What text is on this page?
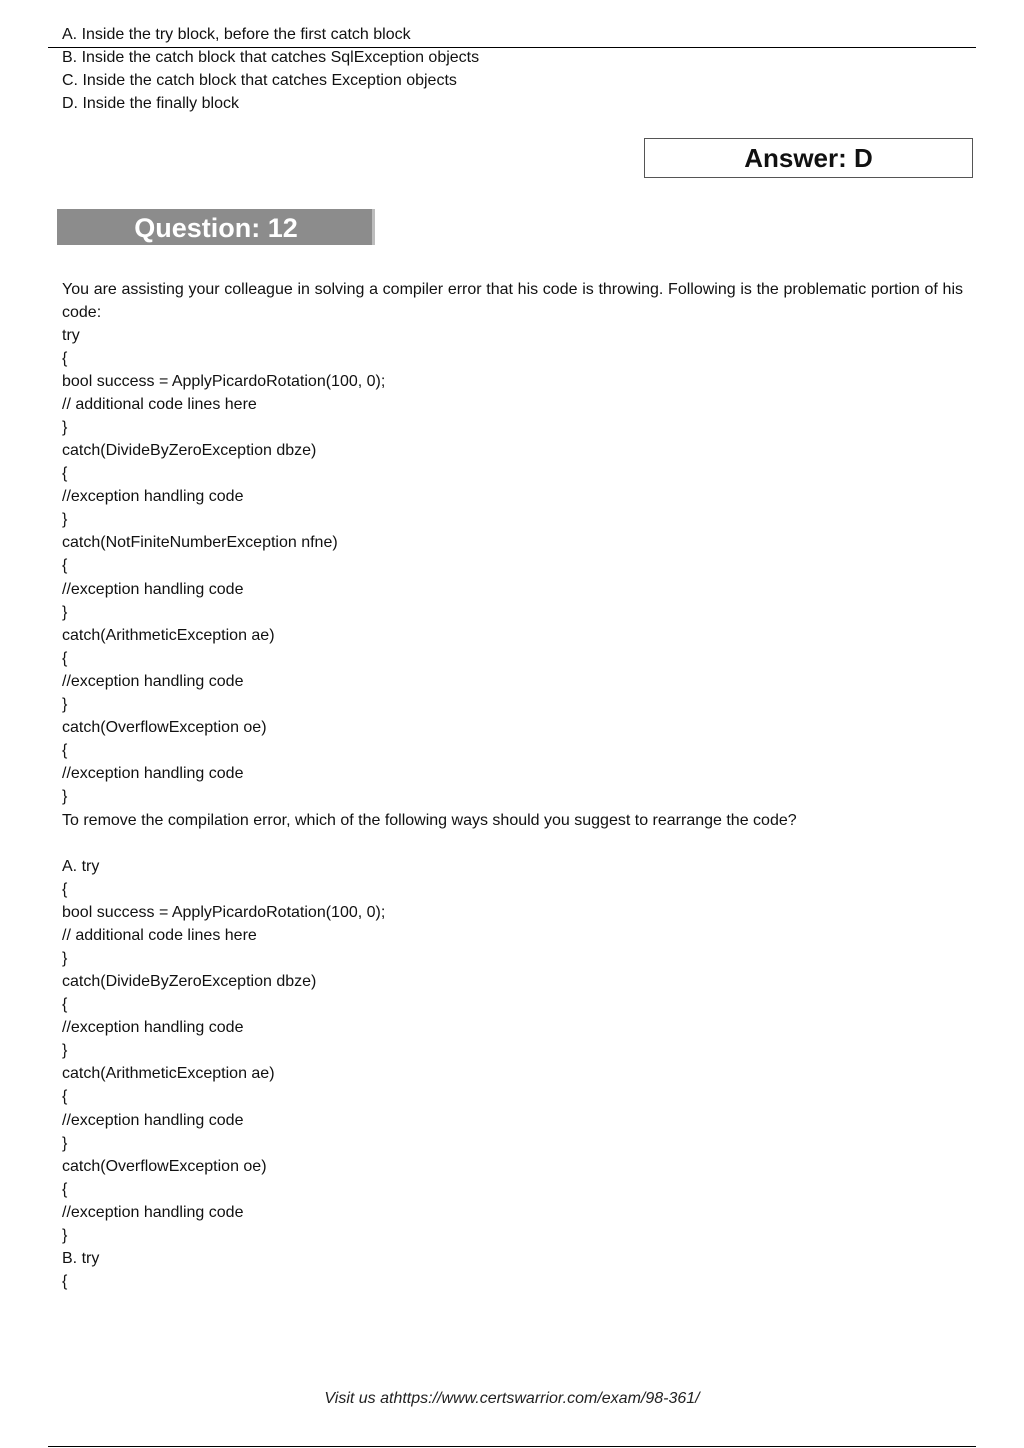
A. Inside the try block, before the first catch block
B. Inside the catch block that catches SqlException objects
C. Inside the catch block that catches Exception objects
D. Inside the finally block
Answer: D
Question: 12

You are assisting your colleague in solving a compiler error that his code is throwing. Following is the problematic portion of his code:

try
{
bool success = ApplyPicardoRotation(100, 0);
// additional code lines here
}
catch(DivideByZeroException dbze)
{
//exception handling code
}
catch(NotFiniteNumberException nfne)
{
//exception handling code
}
catch(ArithmeticException ae)
{
//exception handling code
}
catch(OverflowException oe)
{
//exception handling code
}

To remove the compilation error, which of the following ways should you suggest to rearrange the code?

A. try
{
bool success = ApplyPicardoRotation(100, 0);
// additional code lines here
}
catch(DivideByZeroException dbze)
{
//exception handling code
}
catch(ArithmeticException ae)
{
//exception handling code
}
catch(OverflowException oe)
{
//exception handling code
}
B. try
{
Visit us athttps://www.certswarrior.com/exam/98-361/
